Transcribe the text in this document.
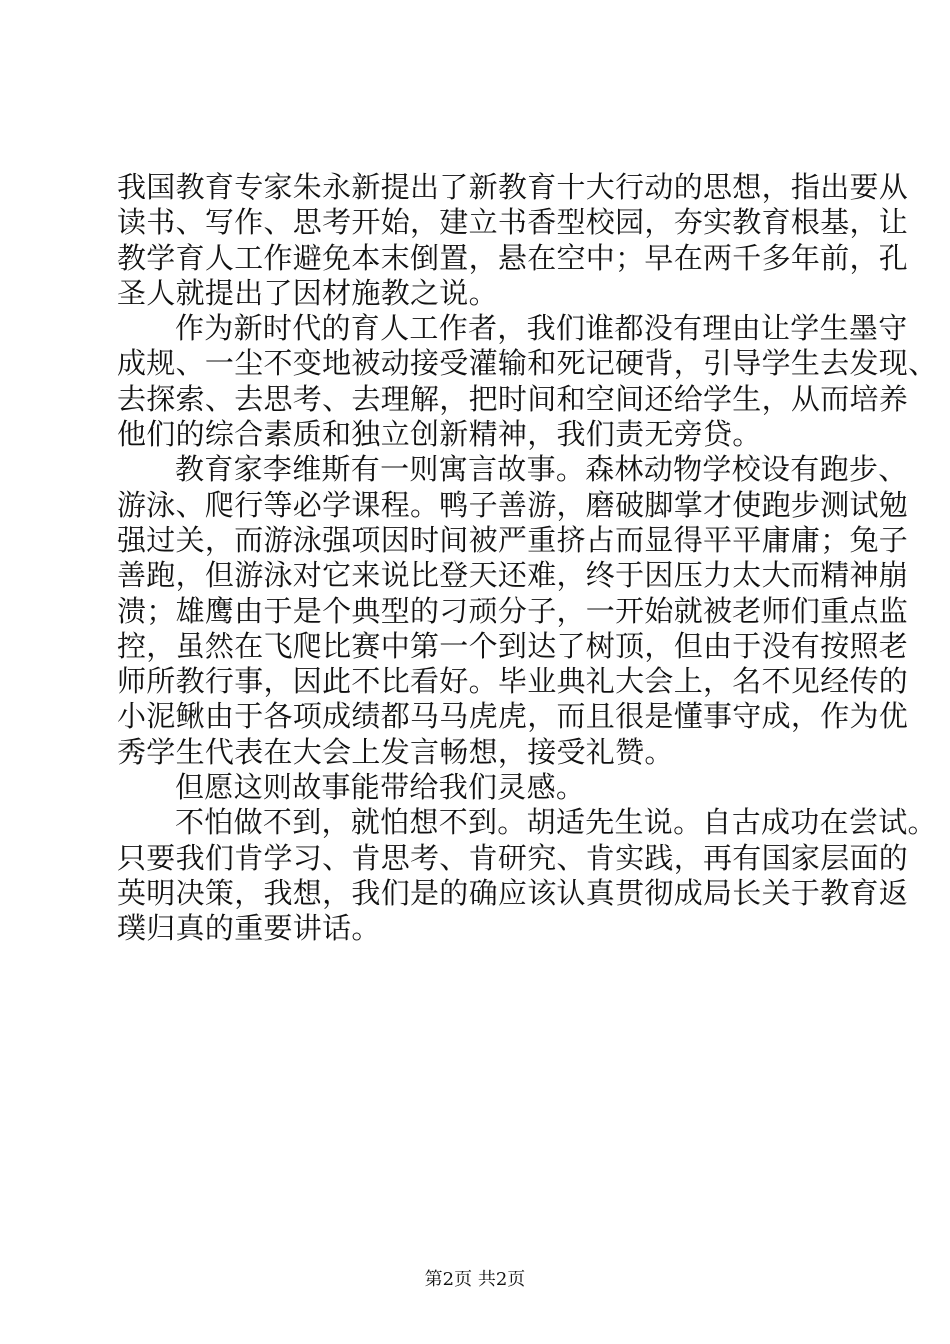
我国教育专家朱永新提出了新教育十大行动的思想，指出要从
读书、写作、思考开始，建立书香型校园，夯实教育根基，让
教学育人工作避免本末倒置，悬在空中；早在两千多年前，孔
圣人就提出了因材施教之说。
作为新时代的育人工作者，我们谁都没有理由让学生墨守
成规、一尘不变地被动接受灌输和死记硬背，引导学生去发现、
去探索、去思考、去理解，把时间和空间还给学生，从而培养
他们的综合素质和独立创新精神，我们责无旁贷。
教育家李维斯有一则寓言故事。森林动物学校设有跑步、
游泳、爬行等必学课程。鸭子善游，磨破脚掌才使跑步测试勉
强过关，而游泳强项因时间被严重挤占而显得平平庸庸；兔子
善跑，但游泳对它来说比登天还难，终于因压力太大而精神崩
溃；雄鹰由于是个典型的刁顽分子，一开始就被老师们重点监
控，虽然在飞爬比赛中第一个到达了树顶，但由于没有按照老
师所教行事，因此不比看好。毕业典礼大会上，名不见经传的
小泥鳅由于各项成绩都马马虎虎，而且很是懂事守成，作为优
秀学生代表在大会上发言畅想，接受礼赞。
但愿这则故事能带给我们灵感。
不怕做不到，就怕想不到。胡适先生说。自古成功在尝试。
只要我们肯学习、肯思考、肯研究、肯实践，再有国家层面的
英明决策，我想，我们是的确应该认真贯彻成局长关于教育返
璞归真的重要讲话。
第2页 共2页
